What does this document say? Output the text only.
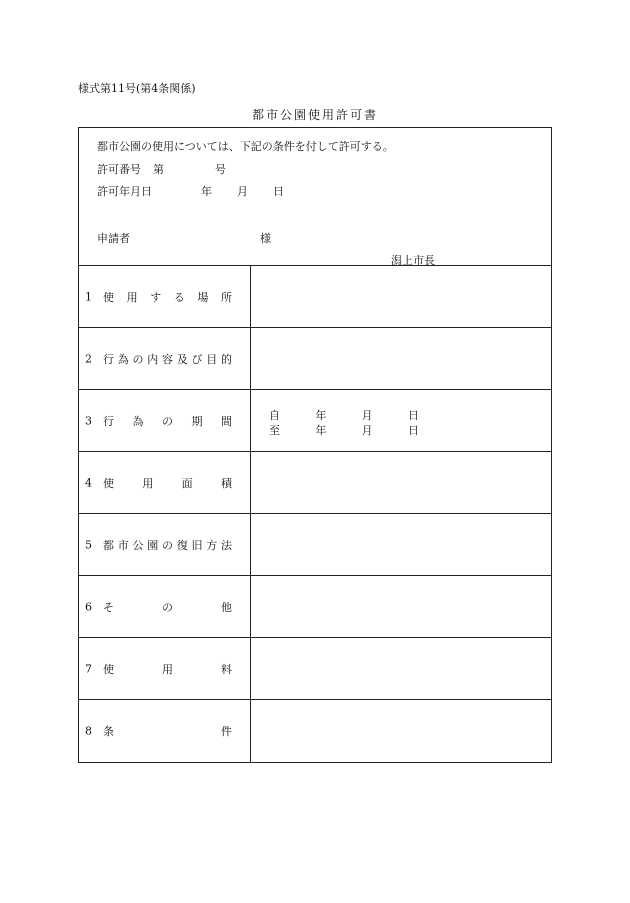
様式第11号(第4条関係)
都市公園使用許可書
都市公園の使用については、下記の条件を付して許可する。
許可番号 第	号
許可年月日	年 月 日
申請者	様
潟上市長
1 使 用 す る 場 所
2 行 為 の 内 容 及 び 目 的
3 行 為 の 期 間	自	年	月	日
至	年	月	日
4 使	用	面	積
5 都 市 公 園 の 復 旧 方 法
6 そ	の	他
7 使	用	料
8 条	件
